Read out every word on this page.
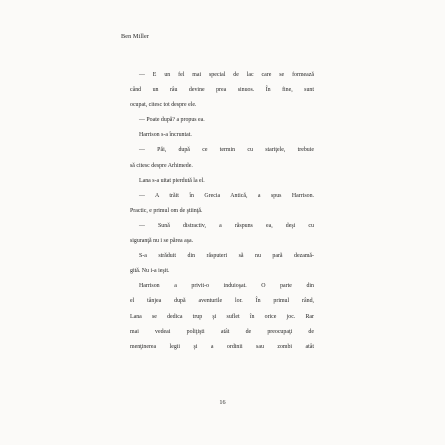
Ben Miller
— E un fel mai special de lac care se formează
când un râu devine prea sinuos. În fine, sunt
ocupat, citesc tot despre ele.
— Poate după? a propus ea.
Harrison s-a încruntat.
— Păi, după ce termin cu stariţele, trebuie
să citesc despre Arhimede.
Lana s-a uitat pierdută la el.
— A trăit în Grecia Antică, a spus Harrison.
Practic, e primul om de ştiinţă.
— Sună distractiv, a răspuns ea, deşi cu
siguranţă nu i se părea aşa.
S-a străduit din răsputeri să nu pară dezamă-
gită. Nu i-a ieşit.
Harrison a privit-o induioşat. O parte din
el tânjea după aventurile lor. În primul rând,
Lana se dedica trup şi suflet în orice joc. Rar
mai vedeai poliţişti atât de preocupaţi de
menţinerea legii şi a ordinii sau zombi atât
16
